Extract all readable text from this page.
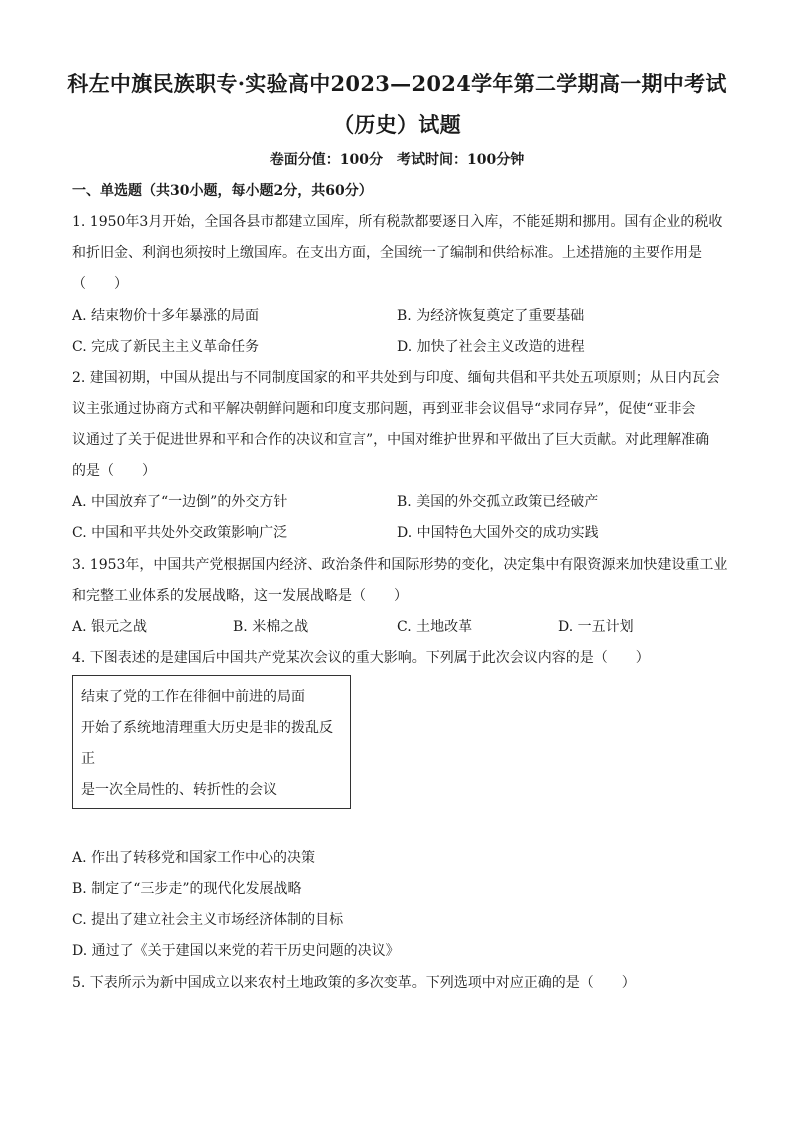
科左中旗民族职专·实验高中2023—2024学年第二学期高一期中考试
（历史）试题
卷面分值：100分 考试时间：100分钟
一、单选题（共30小题，每小题2分，共60分）
1. 1950年3月开始，全国各县市都建立国库，所有税款都要逐日入库，不能延期和挪用。国有企业的税收
和折旧金、利润也须按时上缴国库。在支出方面，全国统一了编制和供给标准。上述措施的主要作用是
（　　）
A. 结束物价十多年暴涨的局面	B. 为经济恢复奠定了重要基础
C. 完成了新民主主义革命任务	D. 加快了社会主义改造的进程
2. 建国初期，中国从提出与不同制度国家的和平共处到与印度、缅甸共倡和平共处五项原则；从日内瓦会
议主张通过协商方式和平解决朝鲜问题和印度支那问题，再到亚非会议倡导“求同存异”，促使“亚非会
议通过了关于促进世界和平和合作的决议和宣言”，中国对维护世界和平做出了巨大贡献。对此理解准确
的是（　　）
A. 中国放弃了“一边倒”的外交方针	B. 美国的外交孤立政策已经破产
C. 中国和平共处外交政策影响广泛	D. 中国特色大国外交的成功实践
3. 1953年，中国共产党根据国内经济、政治条件和国际形势的变化，决定集中有限资源来加快建设重工业
和完整工业体系的发展战略，这一发展战略是（　　）
A. 银元之战	B. 米棉之战	C. 土地改革	D. 一五计划
4. 下图表述的是建国后中国共产党某次会议的重大影响。下列属于此次会议内容的是（　　）
结束了党的工作在徘徊中前进的局面
开始了系统地清理重大历史是非的拨乱反
正
是一次全局性的、转折性的会议
A. 作出了转移党和国家工作中心的决策
B. 制定了“三步走”的现代化发展战略
C. 提出了建立社会主义市场经济体制的目标
D. 通过了《关于建国以来党的若干历史问题的决议》
5. 下表所示为新中国成立以来农村土地政策的多次变革。下列选项中对应正确的是（　　）
